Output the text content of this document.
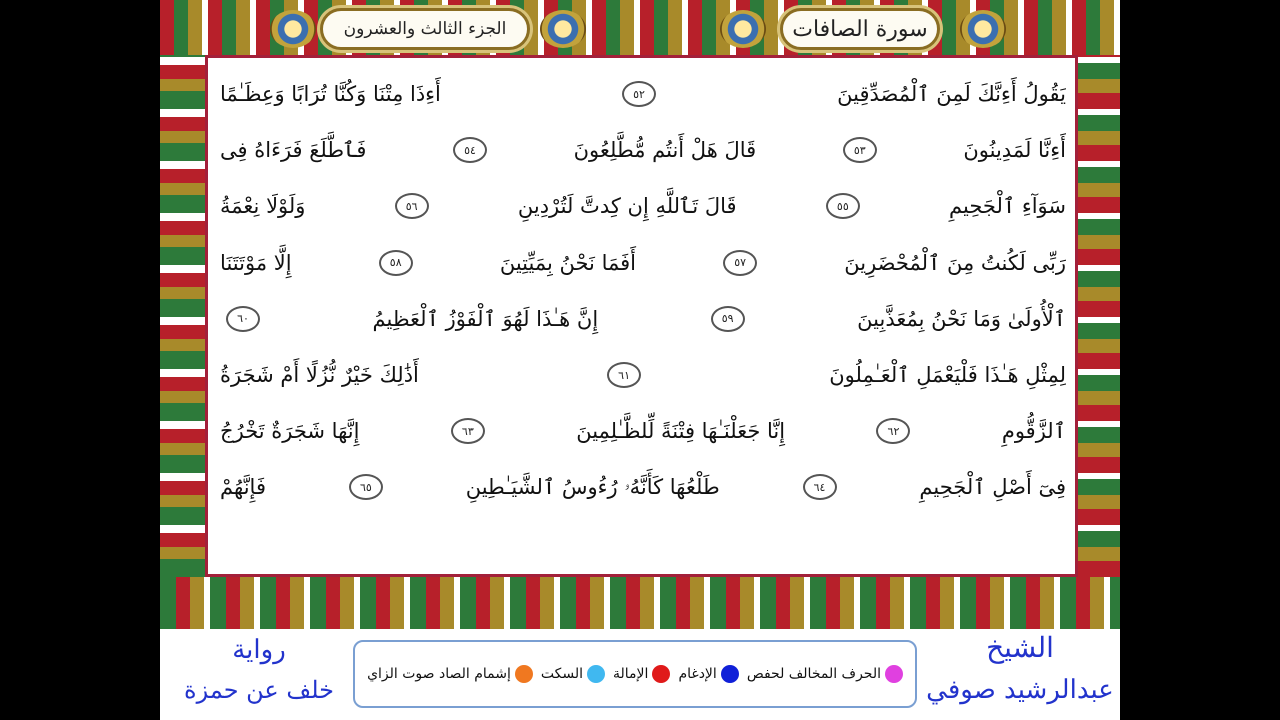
سورة الصافات
الجزء الثالث والعشرون
يَقُولُ أَءِنَّكَ لَمِنَ ٱلْمُصَدِّقِينَ
٥٢
أَءِذَا مِتْنَا وَكُنَّا تُرَابًا وَعِظَـٰمًا
أَءِنَّا لَمَدِينُونَ
٥٣
قَالَ هَلْ أَنتُم مُّطَّلِعُونَ
٥٤
فَٱطَّلَعَ فَرَءَاهُ فِى
سَوَآءِ ٱلْجَحِيمِ
٥٥
قَالَ تَٱللَّهِ إِن كِدتَّ لَتُرْدِينِ
٥٦
وَلَوْلَا نِعْمَةُ
رَبِّى لَكُنتُ مِنَ ٱلْمُحْضَرِينَ
٥٧
أَفَمَا نَحْنُ بِمَيِّتِينَ
٥٨
إِلَّا مَوْتَتَنَا
ٱلْأُولَىٰ وَمَا نَحْنُ بِمُعَذَّبِينَ
٥٩
إِنَّ هَـٰذَا لَهُوَ ٱلْفَوْزُ ٱلْعَظِيمُ
٦٠
لِمِثْلِ هَـٰذَا فَلْيَعْمَلِ ٱلْعَـٰمِلُونَ
٦١
أَذَٰلِكَ خَيْرٌ نُّزُلًا أَمْ شَجَرَةُ
ٱلزَّقُّومِ
٦٢
إِنَّا جَعَلْنَـٰهَا فِتْنَةً لِّلظَّـٰلِمِينَ
٦٣
إِنَّهَا شَجَرَةٌ تَخْرُجُ
فِىٓ أَصْلِ ٱلْجَحِيمِ
٦٤
طَلْعُهَا كَأَنَّهُۥ رُءُوسُ ٱلشَّيَـٰطِينِ
٦٥
فَإِنَّهُمْ
الحرف المخالف لحفص
الإدغام
الإمالة
السكت
إشمام الصاد صوت الزاي
الشيخ
عبدالرشيد صوفي
رواية
خلف عن حمزة
